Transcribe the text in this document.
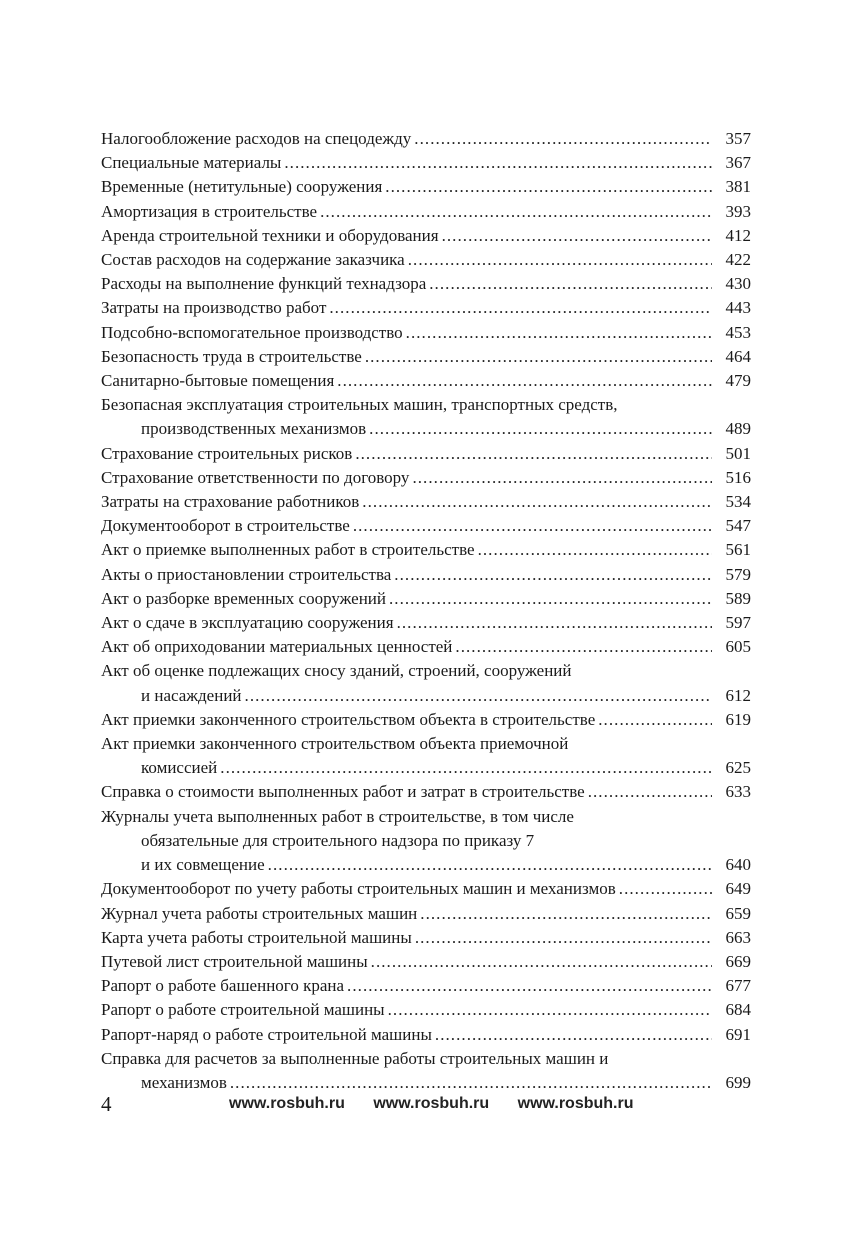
Налогообложение расходов на спецодежду . . .	357
Специальные материалы . . .	367
Временные (нетитульные) сооружения . . .	381
Амортизация в строительстве . . .	393
Аренда строительной техники и оборудования . . .	412
Состав расходов на содержание заказчика . . .	422
Расходы на выполнение функций технадзора . . .	430
Затраты на производство работ . . .	443
Подсобно-вспомогательное производство . . .	453
Безопасность труда в строительстве . . .	464
Санитарно-бытовые помещения . . .	479
Безопасная эксплуатация строительных машин, транспортных средств,
производственных механизмов . . .	489
Страхование строительных рисков . . .	501
Страхование ответственности по договору . . .	516
Затраты на страхование работников . . .	534
Документооборот в строительстве . . .	547
Акт о приемке выполненных работ в строительстве . . .	561
Акты о приостановлении строительства . . .	579
Акт о разборке временных сооружений . . .	589
Акт о сдаче в эксплуатацию сооружения . . .	597
Акт об оприходовании материальных ценностей . . .	605
Акт об оценке подлежащих сносу зданий, строений, сооружений
и насаждений . . .	612
Акт приемки законченного строительством объекта в строительстве . . .	619
Акт приемки законченного строительством объекта приемочной
комиссией . . .	625
Справка о стоимости выполненных работ и затрат в строительстве . . .	633
Журналы учета выполненных работ в строительстве, в том числе
обязательные для строительного надзора по приказу 7
и их совмещение . . .	640
Документооборот по учету работы строительных машин и механизмов . . .	649
Журнал учета работы строительных машин . . .	659
Карта учета работы строительной машины . . .	663
Путевой лист строительной машины . . .	669
Рапорт о работе башенного крана . . .	677
Рапорт о работе строительной машины . . .	684
Рапорт-наряд о работе строительной машины . . .	691
Справка для расчетов за выполненные работы строительных машин и
механизмов . . .	699
4	www.rosbuh.ru www.rosbuh.ru www.rosbuh.ru
